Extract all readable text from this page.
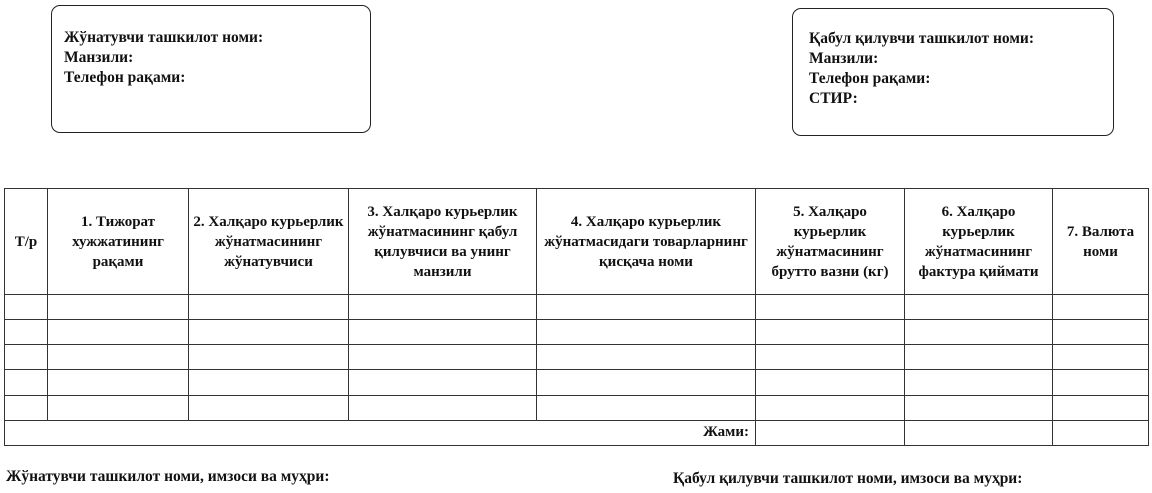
Жўнатувчи ташкилот номи:
Манзили:
Телефон рақами:
Қабул қилувчи ташкилот номи:
Манзили:
Телефон рақами:
СТИР:
Т/р	1. Тижорат хужжатининг рақами	2. Халқаро курьерлик жўнатмасининг жўнатувчиси	3. Халқаро курьерлик жўнатмасининг қабул қилувчиси ва унинг манзили	4. Халқаро курьерлик жўнатмасидаги товарларнинг қисқача номи	5. Халқаро курьерлик жўнатмасининг брутто вазни (кг)	6. Халқаро курьерлик жўнатмасининг фактура қиймати	7. Валюта номи

Жами:							
Жўнатувчи ташкилот номи, имзоси ва муҳри:	Қабул қилувчи ташкилот номи, имзоси ва муҳри:
